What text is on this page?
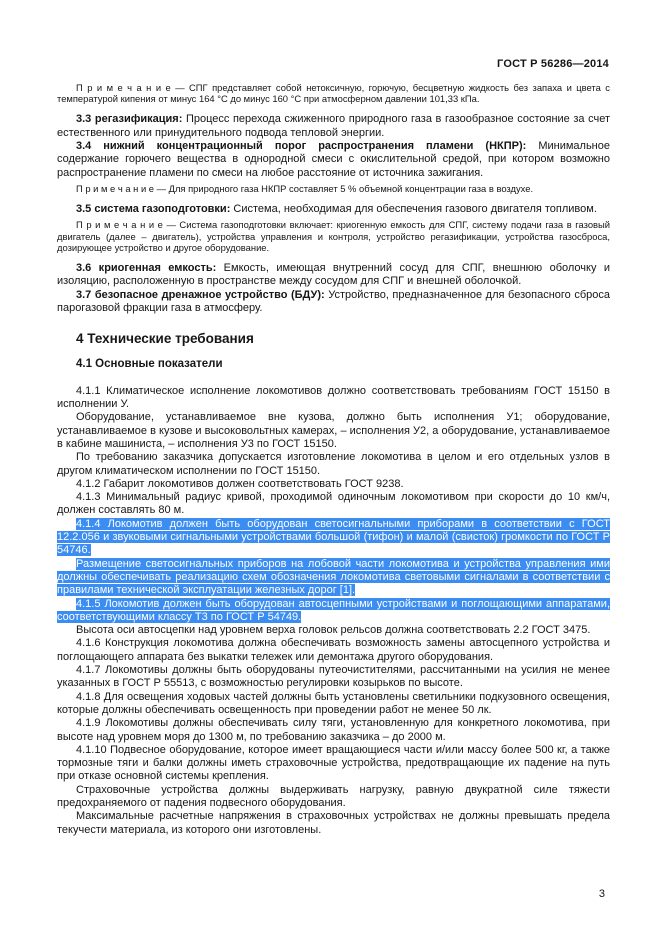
ГОСТ Р 56286—2014

П р и м е ч а н и е — СПГ представляет собой нетоксичную, горючую, бесцветную жидкость без запаха и цвета с температурой кипения от минус 164 °С до минус 160 °С при атмосферном давлении 101,33 кПа.

3.3 регазификация: Процесс перехода сжиженного природного газа в газообразное состояние за счет естественного или принудительного подвода тепловой энергии.

3.4 нижний концентрационный порог распространения пламени (НКПР): Минимальное содержание горючего вещества в однородной смеси с окислительной средой, при котором возможно распространение пламени по смеси на любое расстояние от источника зажигания.

П р и м е ч а н и е — Для природного газа НКПР составляет 5 % объемной концентрации газа в воздухе.

3.5 система газоподготовки: Система, необходимая для обеспечения газового двигателя топливом.

П р и м е ч а н и е — Система газоподготовки включает: криогенную емкость для СПГ, систему подачи газа в газовый двигатель (далее – двигатель), устройства управления и контроля, устройство регазификации, устройства газосброса, дозирующее устройство и другое оборудование.

3.6 криогенная емкость: Емкость, имеющая внутренний сосуд для СПГ, внешнюю оболочку и изоляцию, расположенную в пространстве между сосудом для СПГ и внешней оболочкой.

3.7 безопасное дренажное устройство (БДУ): Устройство, предназначенное для безопасного сброса парогазовой фракции газа в атмосферу.

4 Технические требования

4.1 Основные показатели

4.1.1 Климатическое исполнение локомотивов должно соответствовать требованиям ГОСТ 15150 в исполнении У.

Оборудование, устанавливаемое вне кузова, должно быть исполнения У1; оборудование, устанавливаемое в кузове и высоковольтных камерах, – исполнения У2, а оборудование, устанавливаемое в кабине машиниста, – исполнения У3 по ГОСТ 15150.

По требованию заказчика допускается изготовление локомотива в целом и его отдельных узлов в другом климатическом исполнении по ГОСТ 15150.

4.1.2 Габарит локомотивов должен соответствовать ГОСТ 9238.

4.1.3 Минимальный радиус кривой, проходимой одиночным локомотивом при скорости до 10 км/ч, должен составлять 80 м.

4.1.4 Локомотив должен быть оборудован светосигнальными приборами в соответствии с ГОСТ 12.2.056 и звуковыми сигнальными устройствами большой (тифон) и малой (свисток) громкости по ГОСТ Р 54746.

Размещение светосигнальных приборов на лобовой части локомотива и устройства управления ими должны обеспечивать реализацию схем обозначения локомотива световыми сигналами в соответствии с правилами технической эксплуатации железных дорог [1].

4.1.5 Локомотив должен быть оборудован автосцепными устройствами и поглощающими аппаратами, соответствующими классу Т3 по ГОСТ Р 54749.

Высота оси автосцепки над уровнем верха головок рельсов должна соответствовать 2.2 ГОСТ 3475.

4.1.6 Конструкция локомотива должна обеспечивать возможность замены автосцепного устройства и поглощающего аппарата без выкатки тележек или демонтажа другого оборудования.

4.1.7 Локомотивы должны быть оборудованы путеочистителями, рассчитанными на усилия не менее указанных в ГОСТ Р 55513, с возможностью регулировки козырьков по высоте.

4.1.8 Для освещения ходовых частей должны быть установлены светильники подкузовного освещения, которые должны обеспечивать освещенность при проведении работ не менее 50 лк.

4.1.9 Локомотивы должны обеспечивать силу тяги, установленную для конкретного локомотива, при высоте над уровнем моря до 1300 м, по требованию заказчика – до 2000 м.

4.1.10 Подвесное оборудование, которое имеет вращающиеся части и/или массу более 500 кг, а также тормозные тяги и балки должны иметь страховочные устройства, предотвращающие их падение на путь при отказе основной системы крепления.

Страховочные устройства должны выдерживать нагрузку, равную двукратной силе тяжести предохраняемого от падения подвесного оборудования.

Максимальные расчетные напряжения в страховочных устройствах не должны превышать предела текучести материала, из которого они изготовлены.

3
